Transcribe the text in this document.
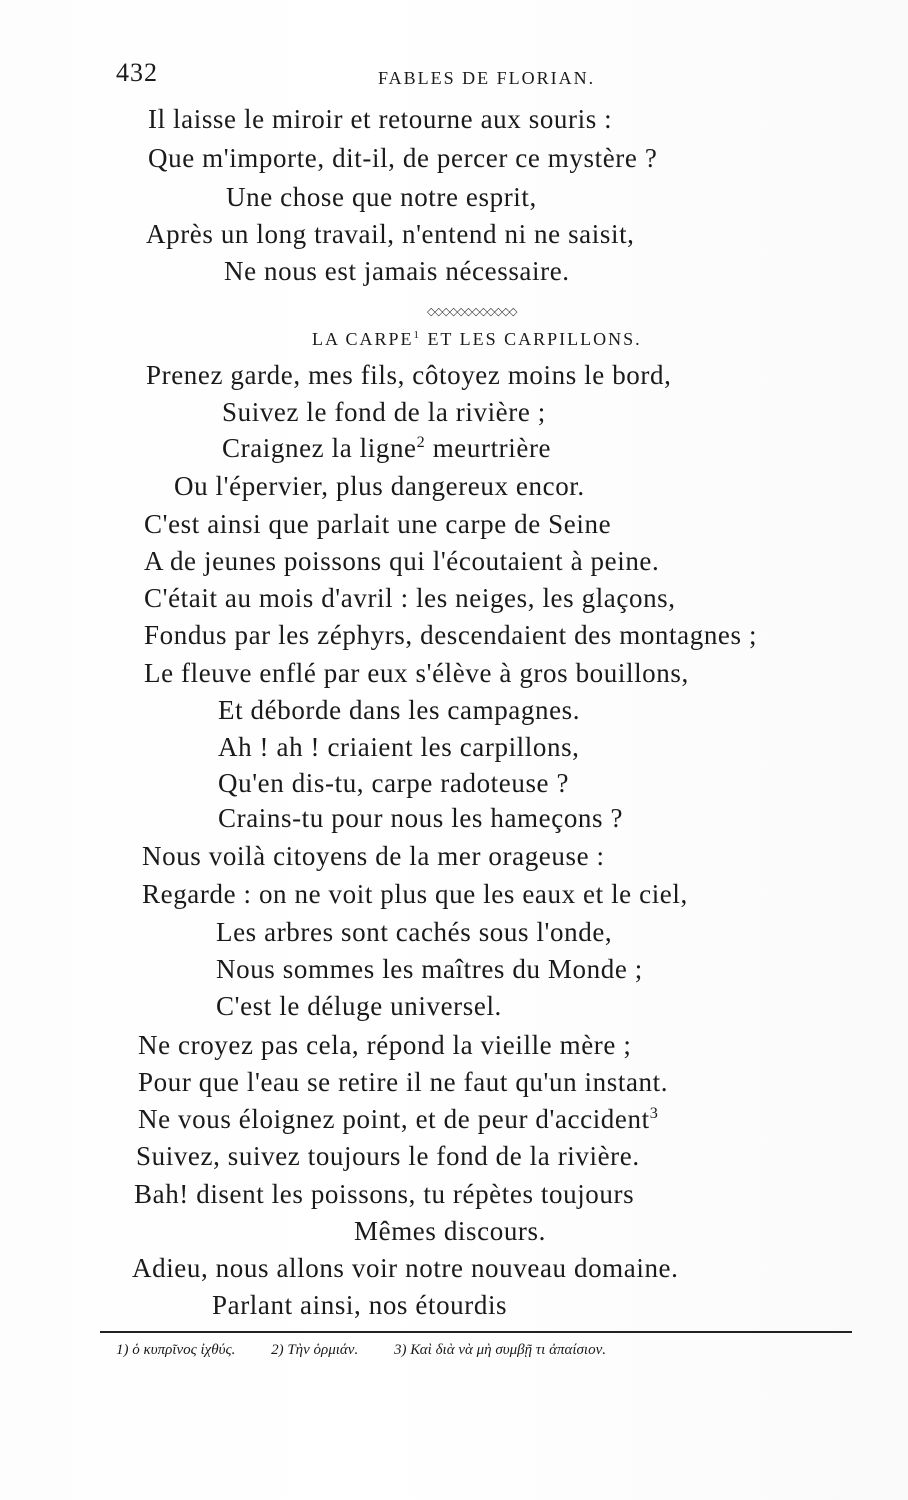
432	FABLES DE FLORIAN.
Il laisse le miroir et retourne aux souris :
Que m'importe, dit-il, de percer ce mystère ?
Une chose que notre esprit,
Après un long travail, n'entend ni ne saisit,
Ne nous est jamais nécessaire.
◇◇◇◇◇◇◇◇◇◇◇◇
LA CARPE$^1$ ET LES CARPILLONS.
Prenez garde, mes fils, côtoyez moins le bord,
Suivez le fond de la rivière ;
Craignez la ligne$^2$ meurtrière
Ou l'épervier, plus dangereux encor.
C'est ainsi que parlait une carpe de Seine
A de jeunes poissons qui l'écoutaient à peine.
C'était au mois d'avril : les neiges, les glaçons,
Fondus par les zéphyrs, descendaient des montagnes ;
Le fleuve enflé par eux s'élève à gros bouillons,
Et déborde dans les campagnes.
Ah ! ah ! criaient les carpillons,
Qu'en dis-tu, carpe radoteuse ?
Crains-tu pour nous les hameçons ?
Nous voilà citoyens de la mer orageuse :
Regarde : on ne voit plus que les eaux et le ciel,
Les arbres sont cachés sous l'onde,
Nous sommes les maîtres du Monde ;
C'est le déluge universel.
Ne croyez pas cela, répond la vieille mère ;
Pour que l'eau se retire il ne faut qu'un instant.
Ne vous éloignez point, et de peur d'accident$^3$
Suivez, suivez toujours le fond de la rivière.
Bah! disent les poissons, tu répètes toujours
Mêmes discours.
Adieu, nous allons voir notre nouveau domaine.
Parlant ainsi, nos étourdis
1) ὁ κυπρῖνος ἰχθύς. 2) Τὴν ὁρμιάν. 3) Καὶ διὰ νὰ μὴ συμβῇ τι ἀπαίσιον.
